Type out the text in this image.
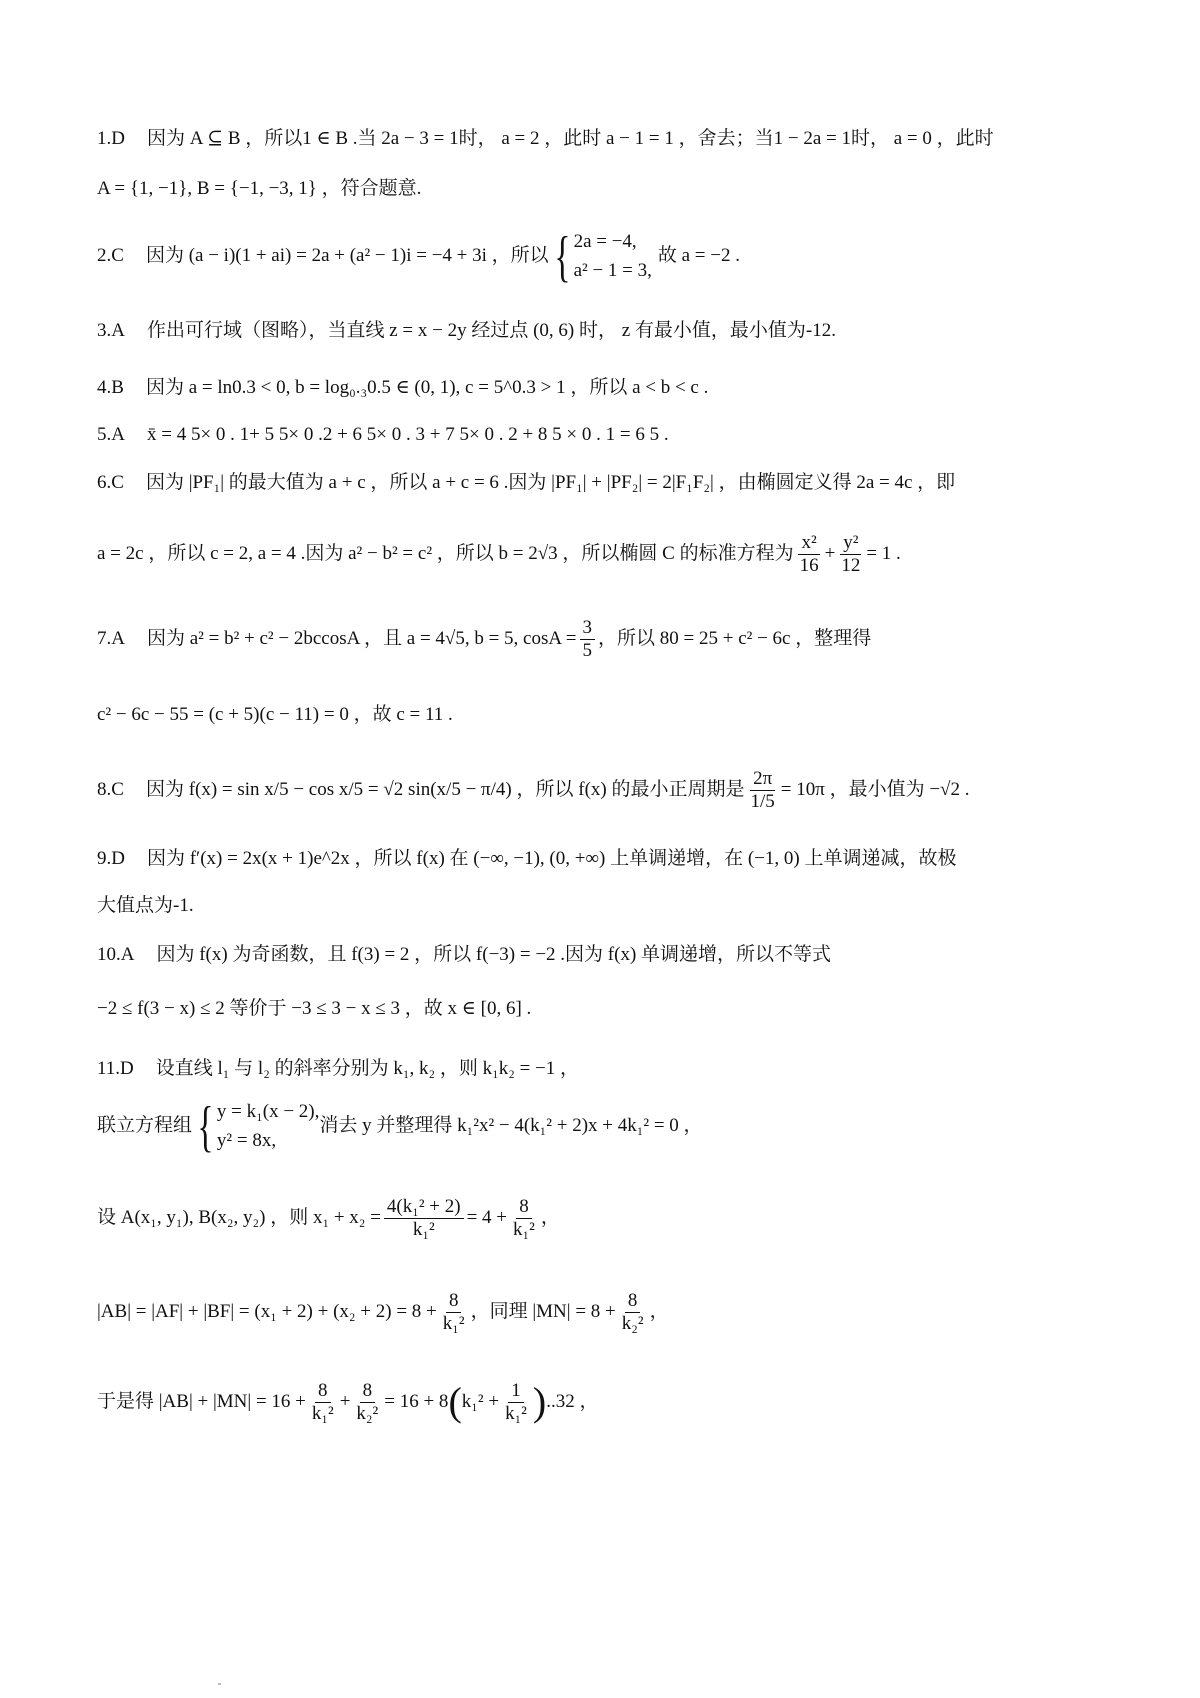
1.D 因为 A ⊆ B ，所以1 ∈ B .当 2a − 3 = 1时， a = 2 ，此时 a − 1 = 1 ，舍去；当1 − 2a = 1时， a = 0 ，此时
A = {1, −1}, B = {−1, −3, 1} ，符合题意.
2.C 因为 (a − i)(1 + ai) = 2a + (a² − 1)i = −4 + 3i ，所以 { 2a = −4,
a² − 1 = 3,
故 a = −2 .
3.A 作出可行域（图略），当直线 z = x − 2y 经过点 (0, 6) 时， z 有最小值，最小值为-12.
4.B 因为 a = ln0.3 < 0, b = log₀.₃0.5 ∈ (0, 1), c = 5^0.3 > 1 ，所以 a < b < c .
5.A x̄ = 4 5× 0 . 1+ 5 5× 0 .2 + 6 5× 0 . 3 + 7 5× 0 . 2 + 8 5 × 0 . 1 = 6 5 .
6.C 因为 |PF₁| 的最大值为 a + c ，所以 a + c = 6 .因为 |PF₁| + |PF₂| = 2|F₁F₂| ，由椭圆定义得 2a = 4c ，即
a = 2c ，所以 c = 2, a = 4 .因为 a² − b² = c² ，所以 b = 2√3 ，所以椭圆 C 的标准方程为 $\frac{\text{x²}}{16} + \frac{\text{y²}}{12} = 1$ .
7.A 因为 a² = b² + c² − 2bccosA ，且 a = 4√5, b = 5, $\cos A = \frac{3}{5}$ ，所以 80 = 25 + c² − 6c ，整理得
c² − 6c − 55 = (c + 5)(c − 11) = 0 ，故 c = 11 .
8.C 因为 f(x) = sin x/5 − cos x/5 = √2 sin(x/5 − π/4) ，所以 f(x) 的最小正周期是 $\frac{2\pi}{1/5} = 10\pi$ ，最小值为 −√2 .
9.D 因为 f′(x) = 2x(x + 1)e^2x ，所以 f(x) 在 (−∞, −1), (0, +∞) 上单调递增，在 (−1, 0) 上单调递减，故极
大值点为-1.
10.A 因为 f(x) 为奇函数，且 f(3) = 2 ，所以 f(−3) = −2 .因为 f(x) 单调递增，所以不等式
−2 ≤ f(3 − x) ≤ 2 等价于 −3 ≤ 3 − x ≤ 3 ，故 x ∈ [0, 6] .
11.D 设直线 l₁ 与 l₂ 的斜率分别为 k₁, k₂ ，则 k₁k₂ = −1 ，
联立方程组 { y = k₁(x − 2),
y² = 8x,
消去 y 并整理得 k₁²x² − 4(k₁² + 2)x + 4k₁² = 0 ，
设 A(x₁, y₁), B(x₂, y₂) ，则 $x_1 + x_2 = \frac{\text{4(k₁² + 2)}}{\text{k₁²}} = 4 + \frac{8}{\text{k₁²}}$ ，
$|AB| = |AF| + |BF| = (x_1 + 2) + (x_2 + 2) = 8 + \frac{8}{\text{k₁²}}$ ，同理 $|MN| = 8 + \frac{8}{\text{k₂²}}$ ，
于是得 $|AB| + |MN| = 16 + \frac{8}{\text{k₁²}} + \frac{8}{\text{k₂²}} = 16 + 8$ ( $k_1^2 + \frac{1}{\text{k₁²}}$ ) ..32 ，
